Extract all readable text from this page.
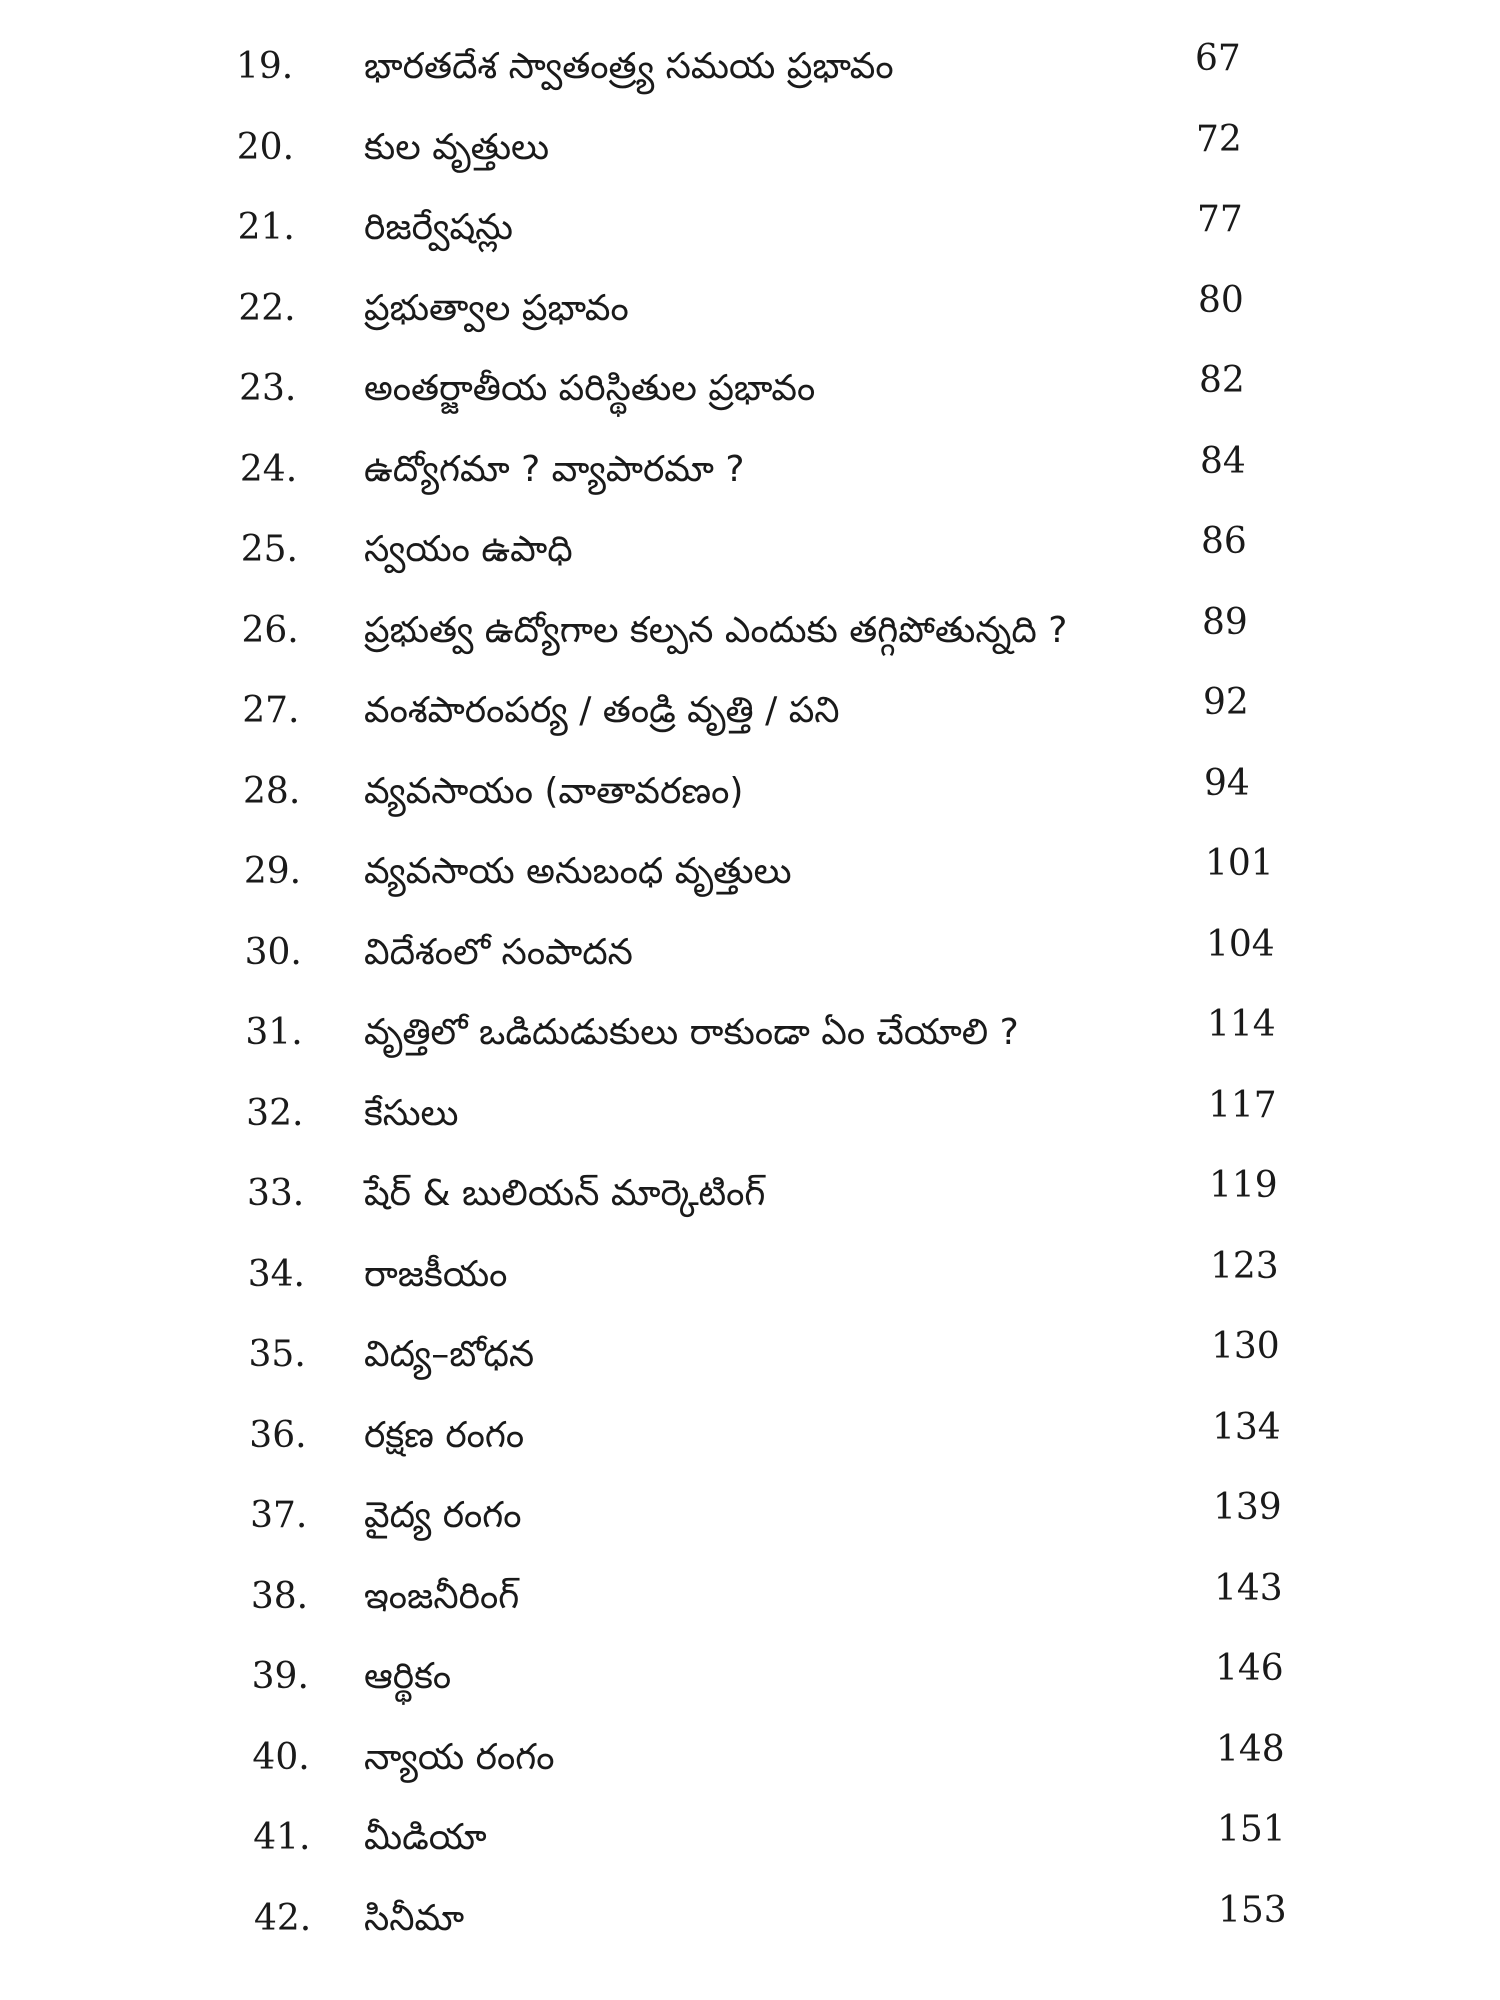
19. భారతదేశ స్వాతంత్ర్య సమయ ప్రభావం	67
20. కుల వృత్తులు	72
21. రిజర్వేషన్లు	77
22. ప్రభుత్వాల ప్రభావం	80
23. అంతర్జాతీయ పరిస్థితుల ప్రభావం	82
24. ఉద్యోగమా ? వ్యాపారమా ?	84
25. స్వయం ఉపాధి	86
26. ప్రభుత్వ ఉద్యోగాల కల్పన ఎందుకు తగ్గిపోతున్నది ?	89
27. వంశపారంపర్య / తండ్రి వృత్తి / పని	92
28. వ్యవసాయం (వాతావరణం)	94
29. వ్యవసాయ అనుబంధ వృత్తులు	101
30. విదేశంలో సంపాదన	104
31. వృత్తిలో ఒడిదుడుకులు రాకుండా ఏం చేయాలి ?	114
32. కేసులు	117
33. షేర్ & బులియన్ మార్కెటింగ్	119
34. రాజకీయం	123
35. విద్య–బోధన	130
36. రక్షణ రంగం	134
37. వైద్య రంగం	139
38. ఇంజనీరింగ్	143
39. ఆర్థికం	146
40. న్యాయ రంగం	148
41. మీడియా	151
42. సినీమా	153
